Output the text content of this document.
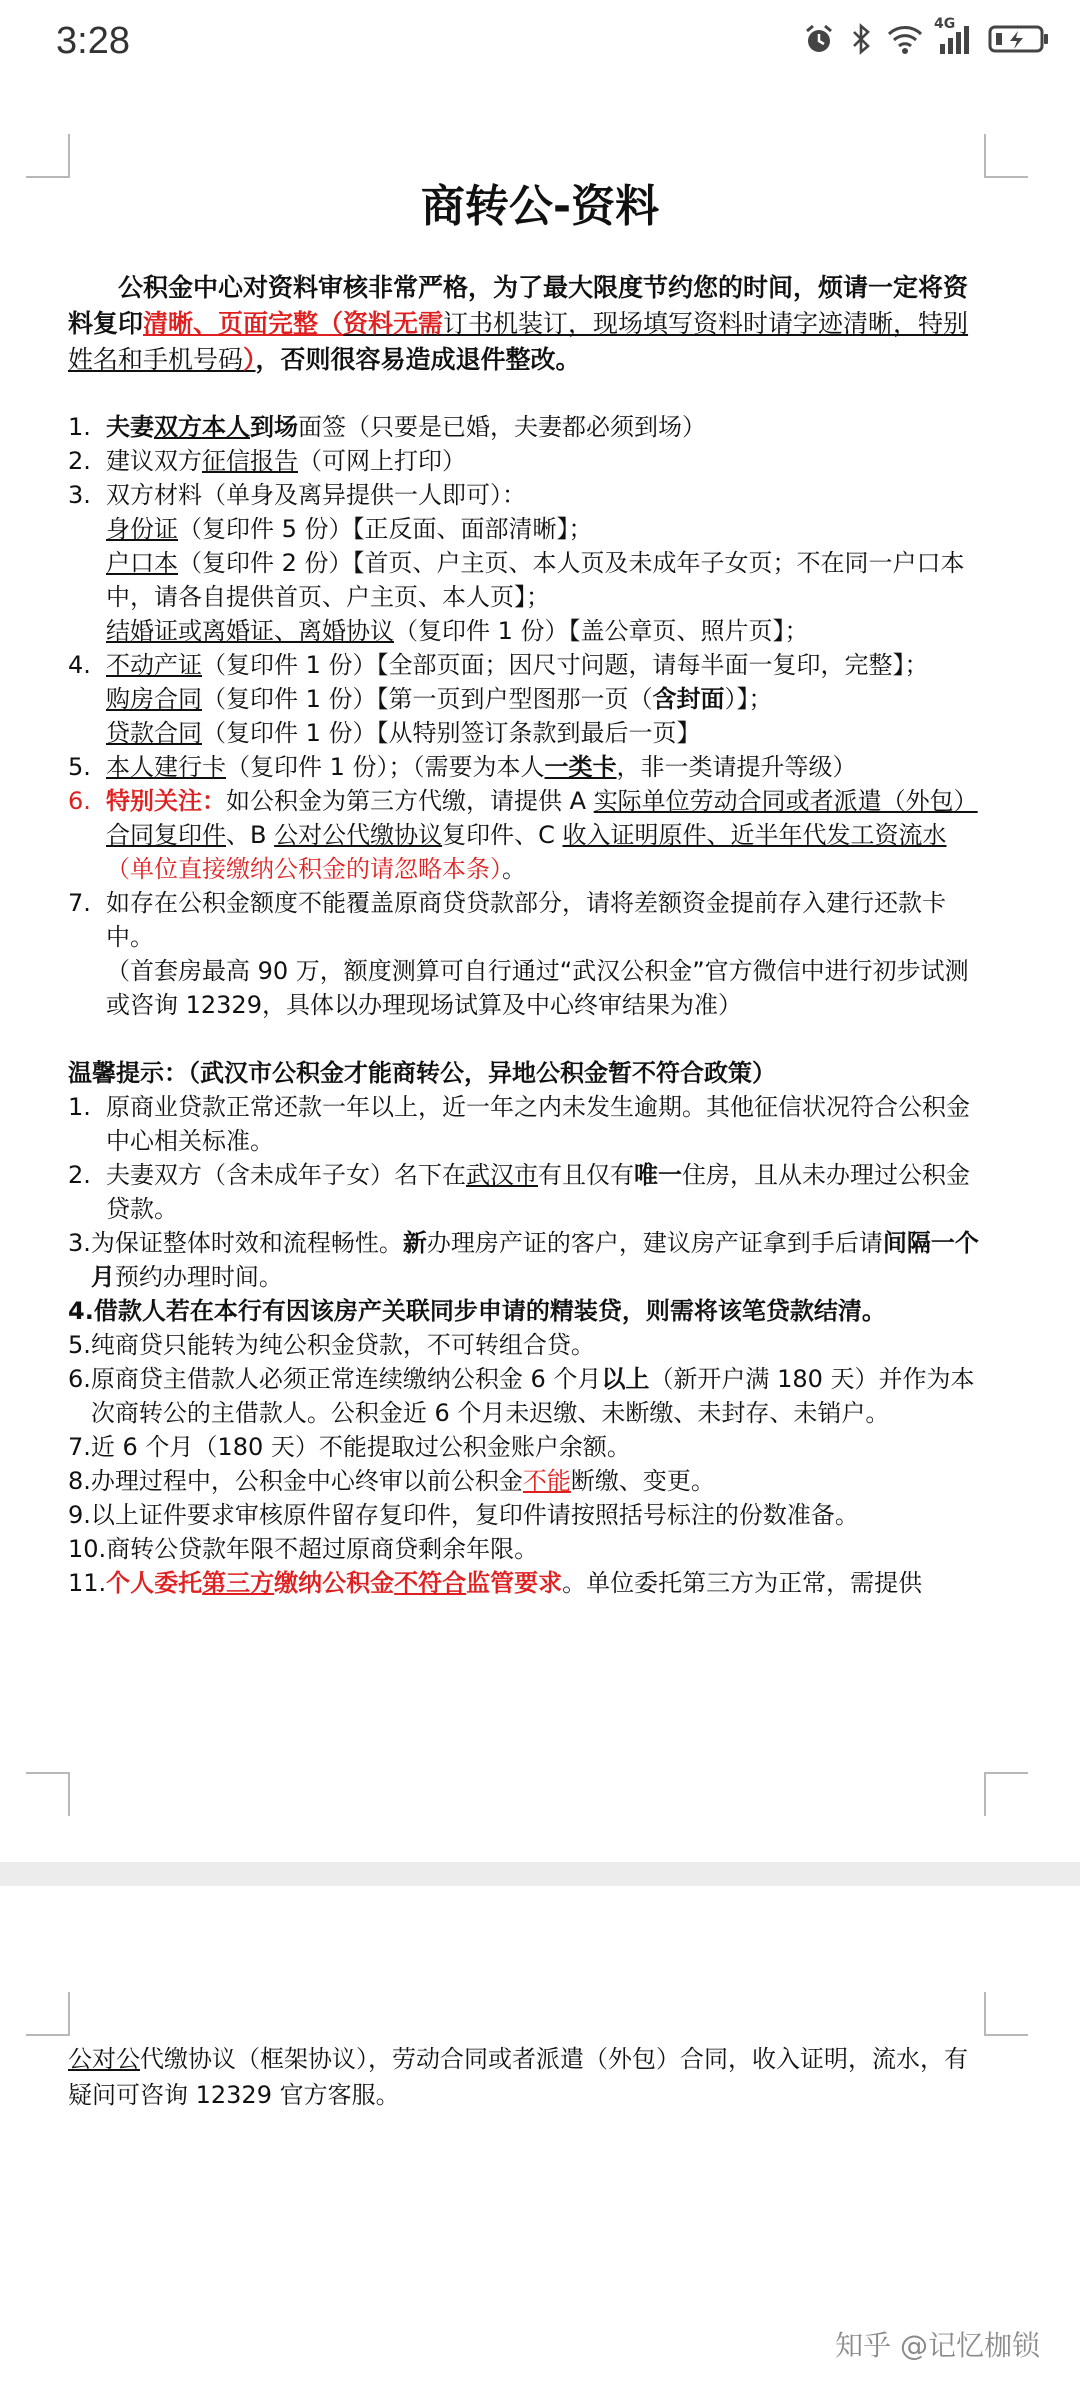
3:28	4G
商转公-资料
公积金中心对资料审核非常严格，为了最大限度节约您的时间，烦请一定将资料复印清晰、页面完整（资料无需订书机装订，现场填写资料时请字迹清晰，特别姓名和手机号码），否则很容易造成退件整改。
1. 夫妻双方本人到场面签（只要是已婚，夫妻都必须到场）
2. 建议双方征信报告（可网上打印）
3. 双方材料（单身及离异提供一人即可）：
身份证（复印件 5 份）【正反面、面部清晰】；
户口本（复印件 2 份）【首页、户主页、本人页及未成年子女页；不在同一户口本中，请各自提供首页、户主页、本人页】；
结婚证或离婚证、离婚协议（复印件 1 份）【盖公章页、照片页】；
4. 不动产证（复印件 1 份）【全部页面；因尺寸问题，请每半面一复印，完整】；
购房合同（复印件 1 份）【第一页到户型图那一页（含封面）】；
贷款合同（复印件 1 份）【从特别签订条款到最后一页】
5. 本人建行卡（复印件 1 份）；（需要为本人一类卡，非一类请提升等级）
6. 特别关注：如公积金为第三方代缴，请提供 A 实际单位劳动合同或者派遣（外包）合同复印件、B 公对公代缴协议复印件、C 收入证明原件、近半年代发工资流水（单位直接缴纳公积金的请忽略本条）。
7. 如存在公积金额度不能覆盖原商贷贷款部分，请将差额资金提前存入建行还款卡中。
（首套房最高 90 万，额度测算可自行通过“武汉公积金”官方微信中进行初步试测或咨询 12329，具体以办理现场试算及中心终审结果为准）
温馨提示：（武汉市公积金才能商转公，异地公积金暂不符合政策）
1. 原商业贷款正常还款一年以上，近一年之内未发生逾期。其他征信状况符合公积金中心相关标准。
2. 夫妻双方（含未成年子女）名下在武汉市有且仅有唯一住房，且从未办理过公积金贷款。
3. 为保证整体时效和流程畅性。新办理房产证的客户，建议房产证拿到手后请间隔一个月预约办理时间。
4. 借款人若在本行有因该房产关联同步申请的精装贷，则需将该笔贷款结清。
5. 纯商贷只能转为纯公积金贷款，不可转组合贷。
6. 原商贷主借款人必须正常连续缴纳公积金 6 个月以上（新开户满 180 天）并作为本次商转公的主借款人。公积金近 6 个月未迟缴、未断缴、未封存、未销户。
7. 近 6 个月（180 天）不能提取过公积金账户余额。
8. 办理过程中，公积金中心终审以前公积金不能断缴、变更。
9. 以上证件要求审核原件留存复印件，复印件请按照括号标注的份数准备。
10. 商转公贷款年限不超过原商贷剩余年限。
11. 个人委托第三方缴纳公积金不符合监管要求。单位委托第三方为正常，需提供
公对公代缴协议（框架协议），劳动合同或者派遣（外包）合同，收入证明，流水，有疑问可咨询 12329 官方客服。
知乎 @记忆枷锁
